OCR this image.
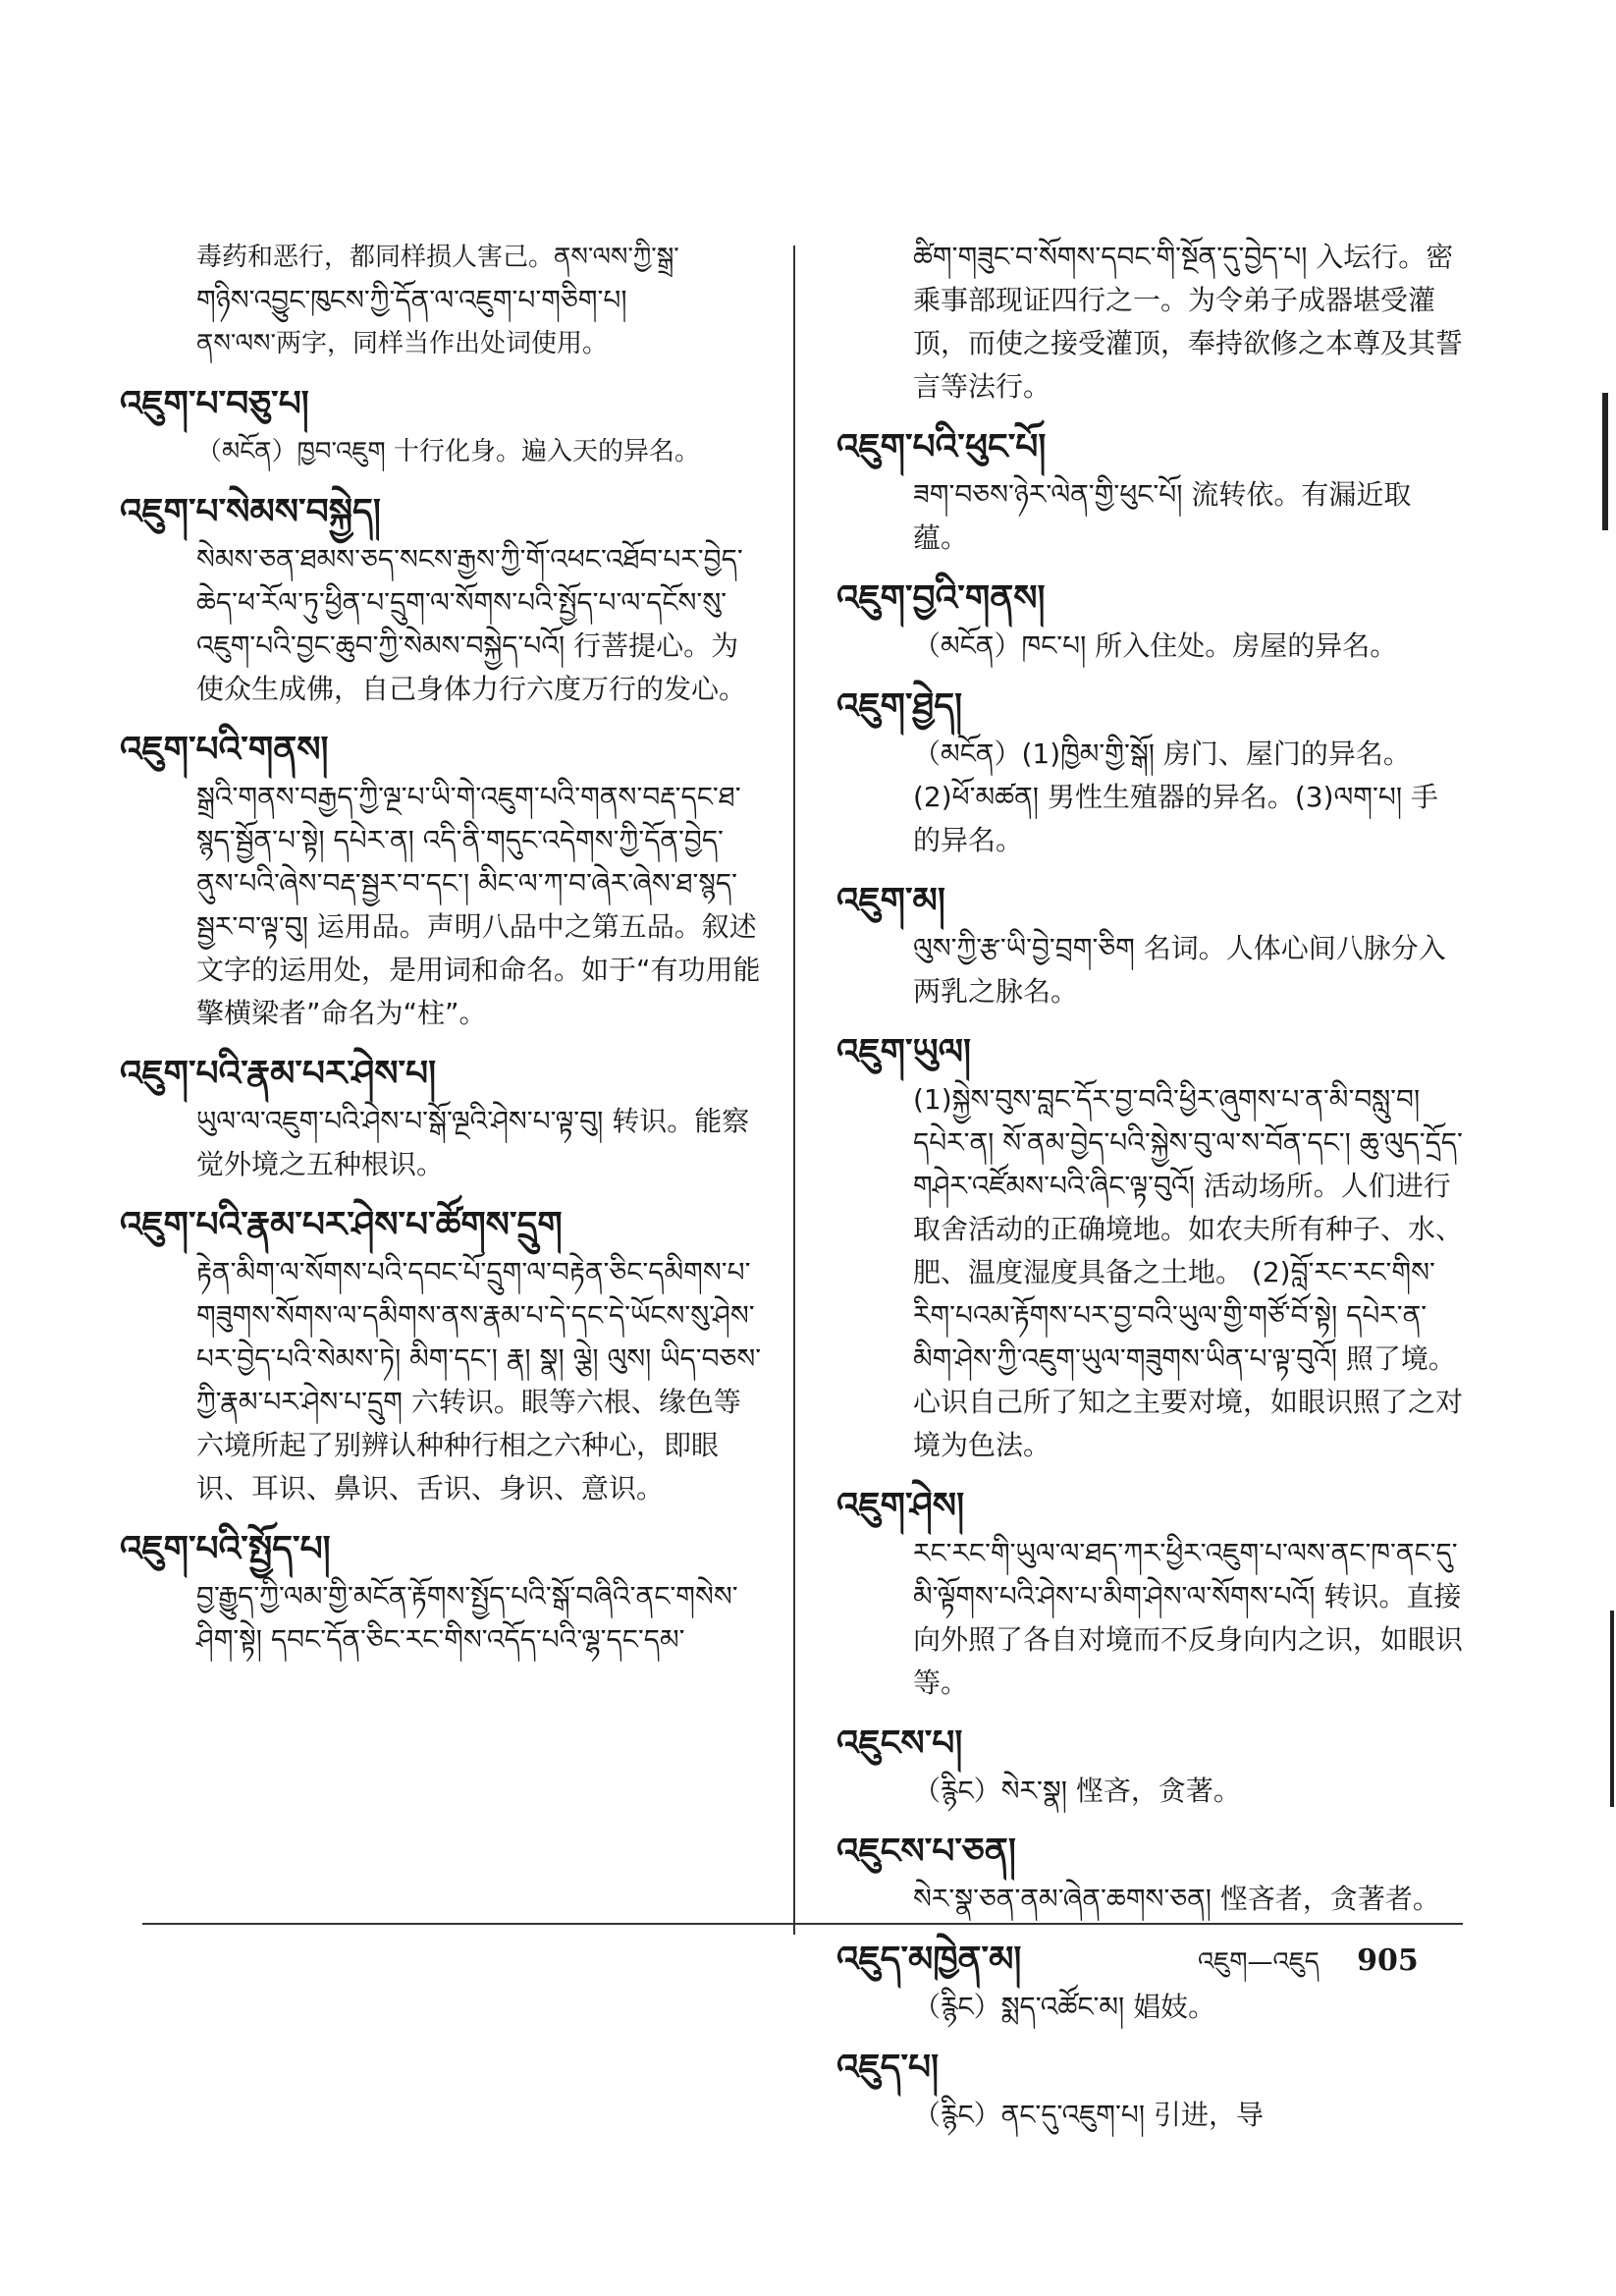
毒药和恶行，都同样损人害己。ནས་ལས་ཀྱི་སྒྲ་
གཉིས་འབྱུང་ཁུངས་ཀྱི་དོན་ལ་འཇུག་པ་གཅིག་པ།
ནས་ལས་两字，同样当作出处词使用。
འཇུག་པ་བཅུ་པ།
（མངོན）ཁྱབ་འཇུག 十行化身。遍入天的异名。
འཇུག་པ་སེམས་བསྐྱེད།
སེམས་ཅན་ཐམས་ཅད་སངས་རྒྱས་ཀྱི་གོ་འཕང་འཐོབ་པར་བྱེད་ཆེད་ཕ་རོལ་ཏུ་ཕྱིན་པ་དྲུག་ལ་སོགས་པའི་སྤྱོད་པ་ལ་དངོས་སུ་འཇུག་པའི་བྱང་ཆུབ་ཀྱི་སེམས་བསྐྱེད་པའོ། 行菩提心。为使众生成佛，自己身体力行六度万行的发心。
འཇུག་པའི་གནས།
སྒྲའི་གནས་བརྒྱད་ཀྱི་ལྔ་པ་ཡི་གེ་འཇུག་པའི་གནས་བརྡ་དང་ཐ་སྙད་སྦྱོན་པ་སྟེ། དཔེར་ན། འདི་ནི་གདུང་འདེགས་ཀྱི་དོན་བྱེད་ནུས་པའི་ཞེས་བརྡ་སྦྱར་བ་དང་། མིང་ལ་ཀ་བ་ཞེར་ཞེས་ཐ་སྙད་སྦྱར་བ་ལྟ་བུ། 运用品。声明八品中之第五品。叙述文字的运用处，是用词和命名。如于“有功用能擎横梁者”命名为“柱”。
འཇུག་པའི་རྣམ་པར་ཤེས་པ།
ཡུལ་ལ་འཇུག་པའི་ཤེས་པ་སྒོ་ལྔའི་ཤེས་པ་ལྟ་བུ། 转识。能察觉外境之五种根识。
འཇུག་པའི་རྣམ་པར་ཤེས་པ་ཚོགས་དྲུག
རྟེན་མིག་ལ་སོགས་པའི་དབང་པོ་དྲུག་ལ་བརྟེན་ཅིང་དམིགས་པ་གཟུགས་སོགས་ལ་དམིགས་ནས་རྣམ་པ་དེ་དང་དེ་ཡོངས་སུ་ཤེས་པར་བྱེད་པའི་སེམས་ཏེ། མིག་དང་། རྣ། སྣ། ལྕེ། ལུས། ཡིད་བཅས་ཀྱི་རྣམ་པར་ཤེས་པ་དྲུག 六转识。眼等六根、缘色等六境所起了别辨认种种行相之六种心，即眼识、耳识、鼻识、舌识、身识、意识。
འཇུག་པའི་སྤྱོད་པ།
བྱ་རྒྱུད་ཀྱི་ལམ་གྱི་མངོན་རྟོགས་སྤྱོད་པའི་སྒོ་བཞིའི་ནང་གསེས་ཤིག་སྟེ། དབང་དོན་ཅིང་རང་གིས་འདོད་པའི་ལྷ་དང་དམ་
ཚིག་གཟུང་བ་སོགས་དབང་གི་སྔོན་དུ་བྱེད་པ། 入坛行。密乘事部现证四行之一。为令弟子成器堪受灌顶，而使之接受灌顶，奉持欲修之本尊及其誓言等法行。
འཇུག་པའི་ཕུང་པོ།
ཟག་བཅས་ཉེར་ལེན་གྱི་ཕུང་པོ། 流转依。有漏近取蕴。
འཇུག་བྱའི་གནས།
（མངོན）ཁང་པ། 所入住处。房屋的异名。
འཇུག་ཐྱེད།
（མངོན）(1)ཁྱིམ་གྱི་སྒོ། 房门、屋门的异名。(2)ཕོ་མཚན། 男性生殖器的异名。(3)ལག་པ། 手的异名。
འཇུག་མ།
ལུས་ཀྱི་རྩ་ཡི་བྱེ་བྲག་ཅིག 名词。人体心间八脉分入两乳之脉名。
འཇུག་ཡུལ།
(1)སྐྱེས་བུས་བླང་དོར་བྱ་བའི་ཕྱིར་ཞུགས་པ་ན་མི་བསླུ་བ། དཔེར་ན། སོ་ནམ་བྱེད་པའི་སྐྱེས་བུ་ལ་ས་བོན་དང་། ཆུ་ལུད་དྲོད་གཤེར་འཛོམས་པའི་ཞིང་ལྟ་བུའོ། 活动场所。人们进行取舍活动的正确境地。如农夫所有种子、水、肥、温度湿度具备之土地。 (2)བློ་རང་རང་གིས་རིག་པའམ་རྟོགས་པར་བྱ་བའི་ཡུལ་གྱི་གཙོ་བོ་སྟེ། དཔེར་ན་མིག་ཤེས་ཀྱི་འཇུག་ཡུལ་གཟུགས་ཡིན་པ་ལྟ་བུའོ། 照了境。心识自己所了知之主要对境，如眼识照了之对境为色法。
འཇུག་ཤེས།
རང་རང་གི་ཡུལ་ལ་ཐད་ཀར་ཕྱིར་འཇུག་པ་ལས་ནང་ཁ་ནང་དུ་མི་ལྟོགས་པའི་ཤེས་པ་མིག་ཤེས་ལ་སོགས་པའོ། 转识。直接向外照了各自对境而不反身向内之识，如眼识等。
འཇུངས་པ།
（རྙིང）སེར་སྣ། 悭吝，贪著。
འཇུངས་པ་ཅན།
སེར་སྣ་ཅན་ནམ་ཞེན་ཆགས་ཅན། 悭吝者，贪著者。
འཇུད་མཁྱེན་མ།
（རྙིང）སྨད་འཚོང་མ། 娼妓。
འཇུད་པ།
（རྙིང）ནང་དུ་འཇུག་པ། 引进，导
འཇུག—འཇུད 905
